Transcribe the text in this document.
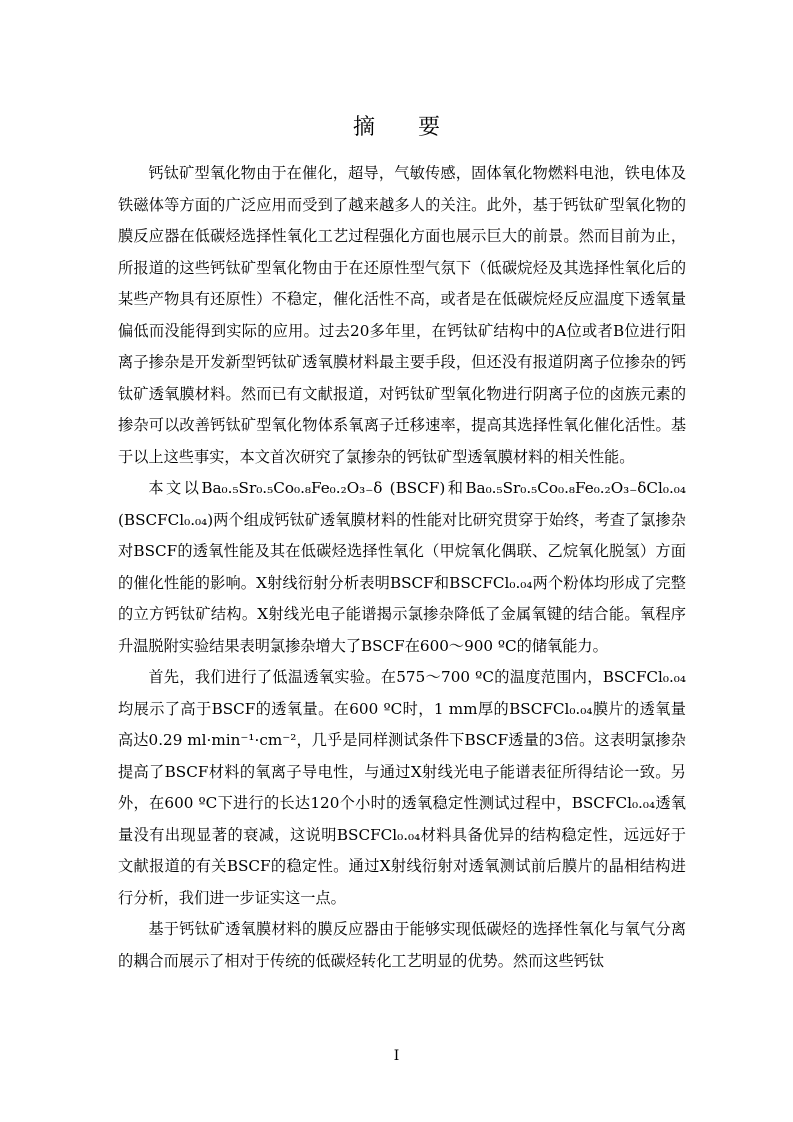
摘 要

钙钛矿型氧化物由于在催化，超导，气敏传感，固体氧化物燃料电池，铁电体及铁磁体等方面的广泛应用而受到了越来越多人的关注。此外，基于钙钛矿型氧化物的膜反应器在低碳烃选择性氧化工艺过程强化方面也展示巨大的前景。然而目前为止，所报道的这些钙钛矿型氧化物由于在还原性型气氛下（低碳烷烃及其选择性氧化后的某些产物具有还原性）不稳定，催化活性不高，或者是在低碳烷烃反应温度下透氧量偏低而没能得到实际的应用。过去20多年里，在钙钛矿结构中的A位或者B位进行阳离子掺杂是开发新型钙钛矿透氧膜材料最主要手段，但还没有报道阴离子位掺杂的钙钛矿透氧膜材料。然而已有文献报道，对钙钛矿型氧化物进行阴离子位的卤族元素的掺杂可以改善钙钛矿型氧化物体系氧离子迁移速率，提高其选择性氧化催化活性。基于以上这些事实，本文首次研究了氯掺杂的钙钛矿型透氧膜材料的相关性能。

本文以Ba₀.₅Sr₀.₅Co₀.₈Fe₀.₂O₃₋δ (BSCF)和Ba₀.₅Sr₀.₅Co₀.₈Fe₀.₂O₃₋δCl₀.₀₄ (BSCFCl₀.₀₄)两个组成钙钛矿透氧膜材料的性能对比研究贯穿于始终，考查了氯掺杂对BSCF的透氧性能及其在低碳烃选择性氧化（甲烷氧化偶联、乙烷氧化脱氢）方面的催化性能的影响。X射线衍射分析表明BSCF和BSCFCl₀.₀₄两个粉体均形成了完整的立方钙钛矿结构。X射线光电子能谱揭示氯掺杂降低了金属氧键的结合能。氧程序升温脱附实验结果表明氯掺杂增大了BSCF在600～900 ºC的储氧能力。

首先，我们进行了低温透氧实验。在575～700 ºC的温度范围内，BSCFCl₀.₀₄均展示了高于BSCF的透氧量。在600 ºC时，1 mm厚的BSCFCl₀.₀₄膜片的透氧量高达0.29 ml·min⁻¹·cm⁻²，几乎是同样测试条件下BSCF透量的3倍。这表明氯掺杂提高了BSCF材料的氧离子导电性，与通过X射线光电子能谱表征所得结论一致。另外，在600 ºC下进行的长达120个小时的透氧稳定性测试过程中，BSCFCl₀.₀₄透氧量没有出现显著的衰减，这说明BSCFCl₀.₀₄材料具备优异的结构稳定性，远远好于文献报道的有关BSCF的稳定性。通过X射线衍射对透氧测试前后膜片的晶相结构进行分析，我们进一步证实这一点。

基于钙钛矿透氧膜材料的膜反应器由于能够实现低碳烃的选择性氧化与氧气分离的耦合而展示了相对于传统的低碳烃转化工艺明显的优势。然而这些钙钛

I
